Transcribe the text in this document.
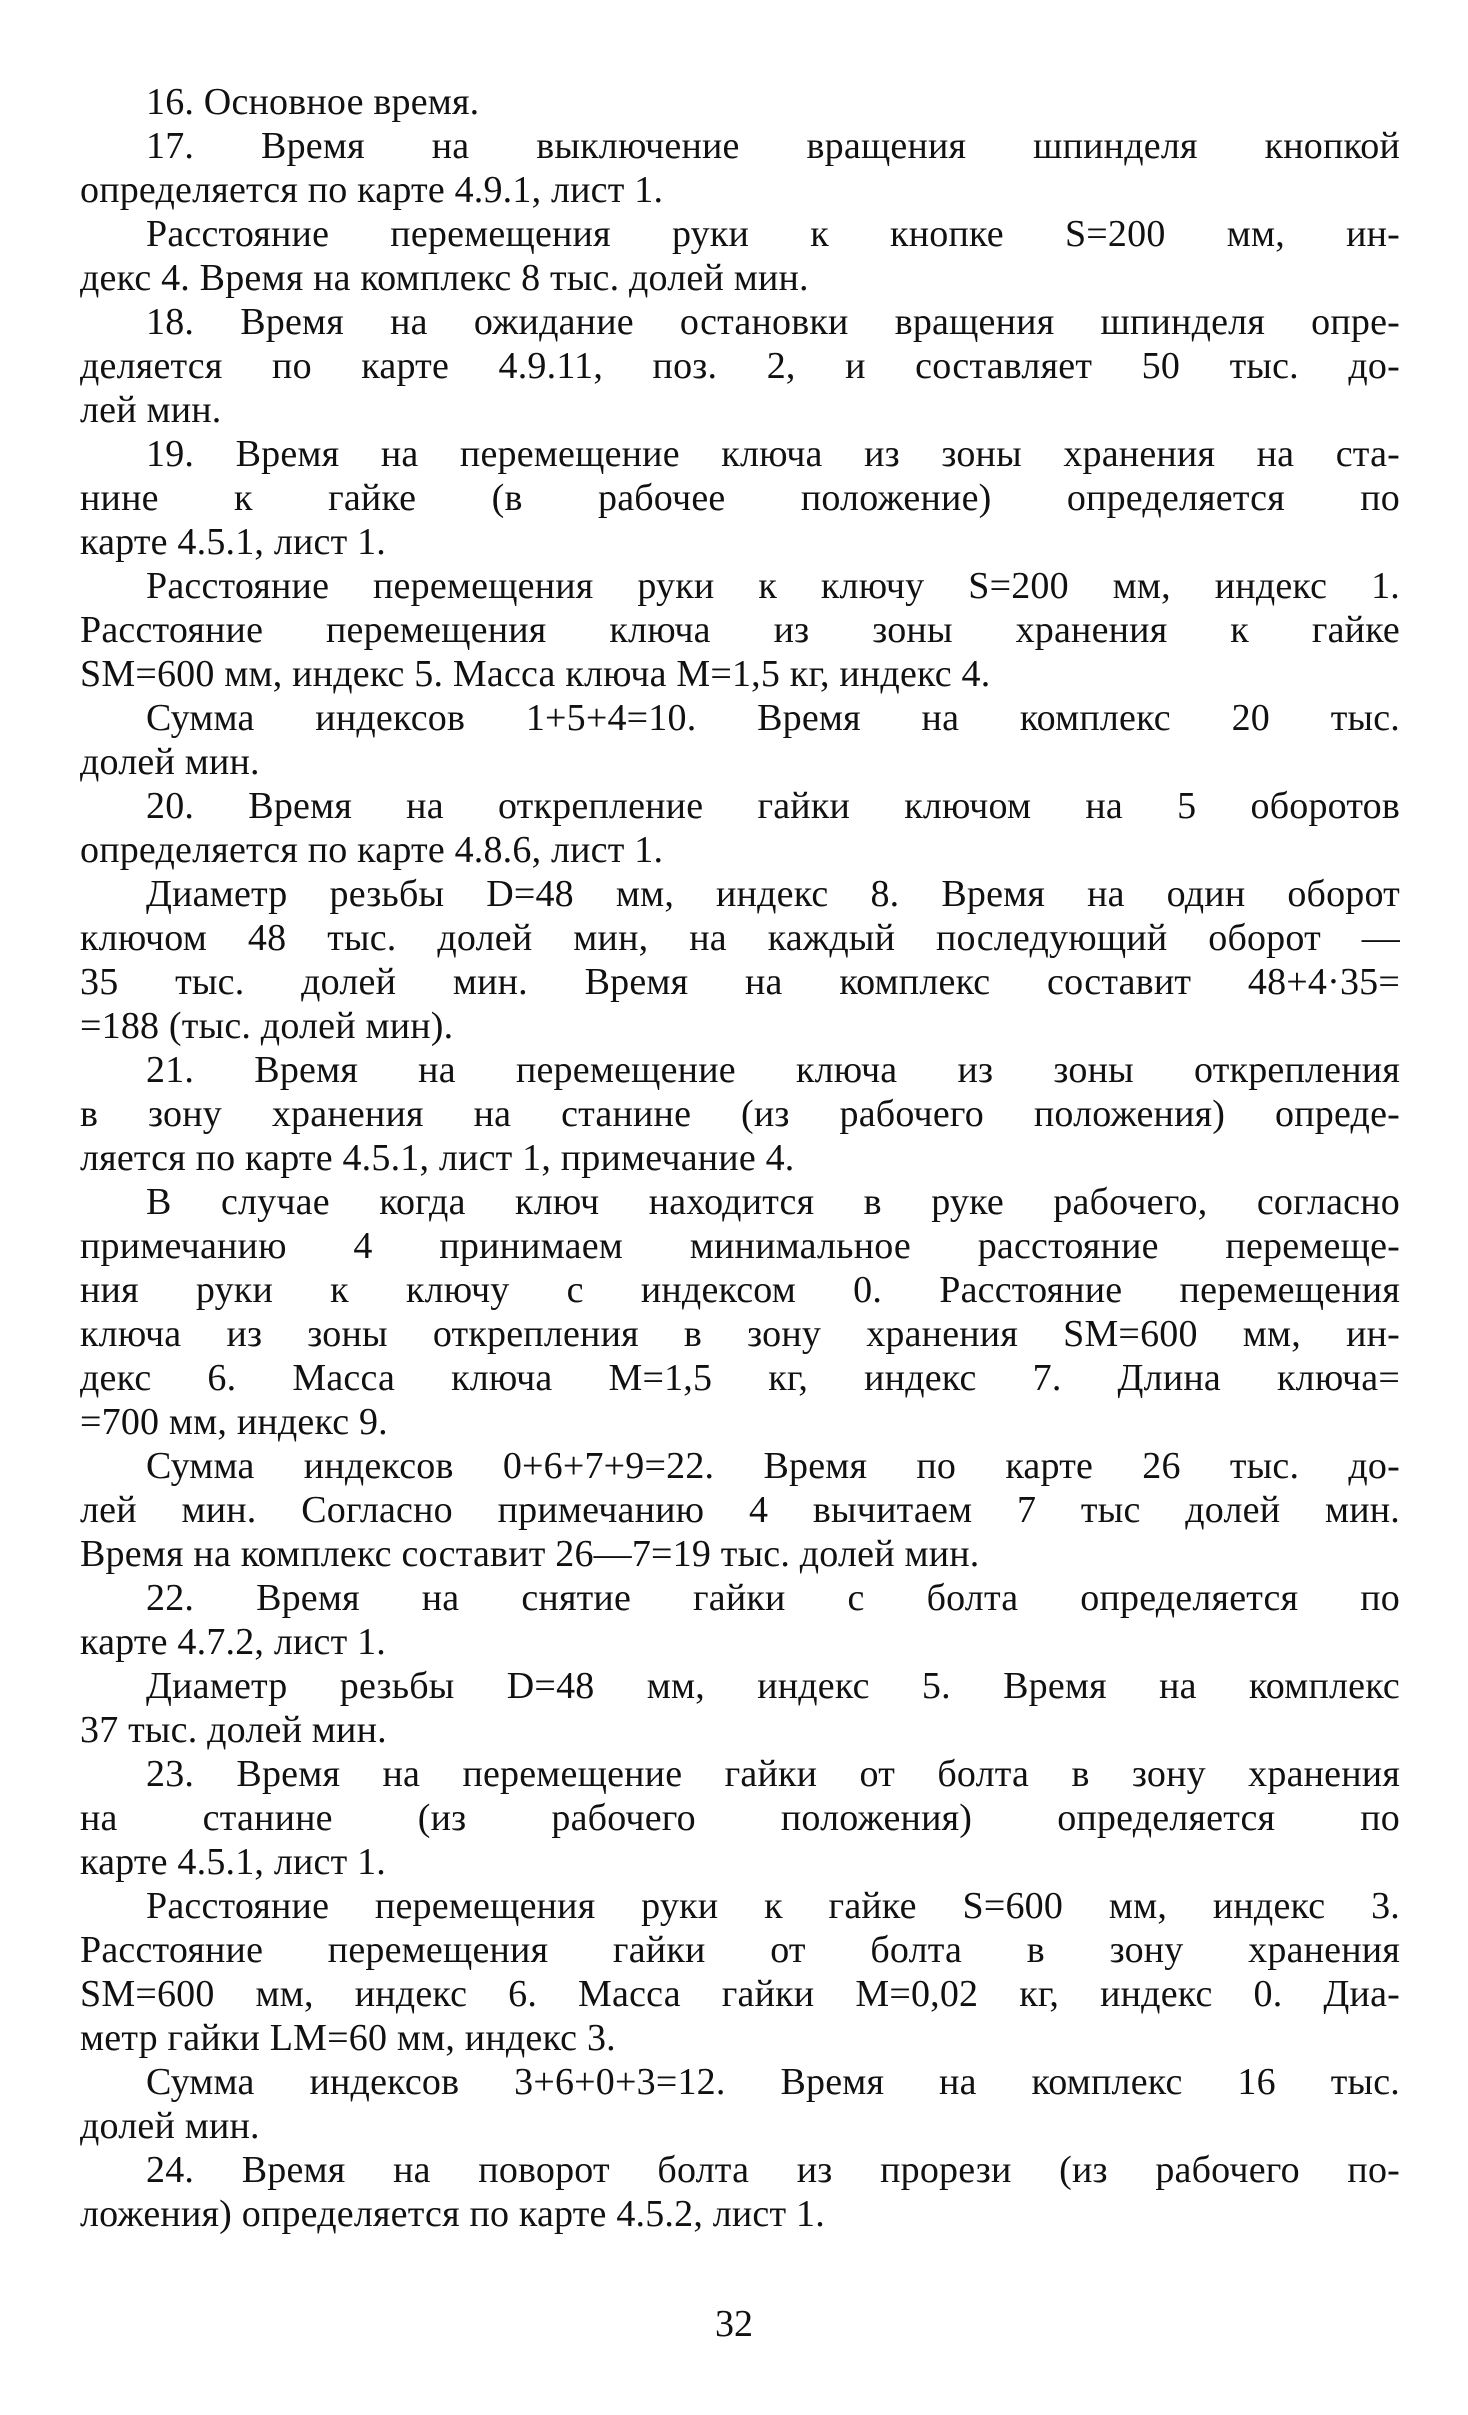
16. Основное время.
17. Время на выключение вращения шпинделя кнопкой
определяется по карте 4.9.1, лист 1.
Расстояние перемещения руки к кнопке S=200 мм, ин-
декс 4. Время на комплекс 8 тыс. долей мин.
18. Время на ожидание остановки вращения шпинделя опре-
деляется по карте 4.9.11, поз. 2, и составляет 50 тыс. до-
лей мин.
19. Время на перемещение ключа из зоны хранения на ста-
нине к гайке (в рабочее положение) определяется по
карте 4.5.1, лист 1.
Расстояние перемещения руки к ключу S=200 мм, индекс 1.
Расстояние перемещения ключа из зоны хранения к гайке
SM=600 мм, индекс 5. Масса ключа M=1,5 кг, индекс 4.
Сумма индексов 1+5+4=10. Время на комплекс 20 тыс.
долей мин.
20. Время на открепление гайки ключом на 5 оборотов
определяется по карте 4.8.6, лист 1.
Диаметр резьбы D=48 мм, индекс 8. Время на один оборот
ключом 48 тыс. долей мин, на каждый последующий оборот —
35 тыс. долей мин. Время на комплекс составит 48+4·35=
=188 (тыс. долей мин).
21. Время на перемещение ключа из зоны открепления
в зону хранения на станине (из рабочего положения) опреде-
ляется по карте 4.5.1, лист 1, примечание 4.
В случае когда ключ находится в руке рабочего, согласно
примечанию 4 принимаем минимальное расстояние перемеще-
ния руки к ключу с индексом 0. Расстояние перемещения
ключа из зоны открепления в зону хранения SM=600 мм, ин-
декс 6. Масса ключа M=1,5 кг, индекс 7. Длина ключа=
=700 мм, индекс 9.
Сумма индексов 0+6+7+9=22. Время по карте 26 тыс. до-
лей мин. Согласно примечанию 4 вычитаем 7 тыс долей мин.
Время на комплекс составит 26—7=19 тыс. долей мин.
22. Время на снятие гайки с болта определяется по
карте 4.7.2, лист 1.
Диаметр резьбы D=48 мм, индекс 5. Время на комплекс
37 тыс. долей мин.
23. Время на перемещение гайки от болта в зону хранения
на станине (из рабочего положения) определяется по
карте 4.5.1, лист 1.
Расстояние перемещения руки к гайке S=600 мм, индекс 3.
Расстояние перемещения гайки от болта в зону хранения
SM=600 мм, индекс 6. Масса гайки M=0,02 кг, индекс 0. Диа-
метр гайки LM=60 мм, индекс 3.
Сумма индексов 3+6+0+3=12. Время на комплекс 16 тыс.
долей мин.
24. Время на поворот болта из прорези (из рабочего по-
ложения) определяется по карте 4.5.2, лист 1.
32
